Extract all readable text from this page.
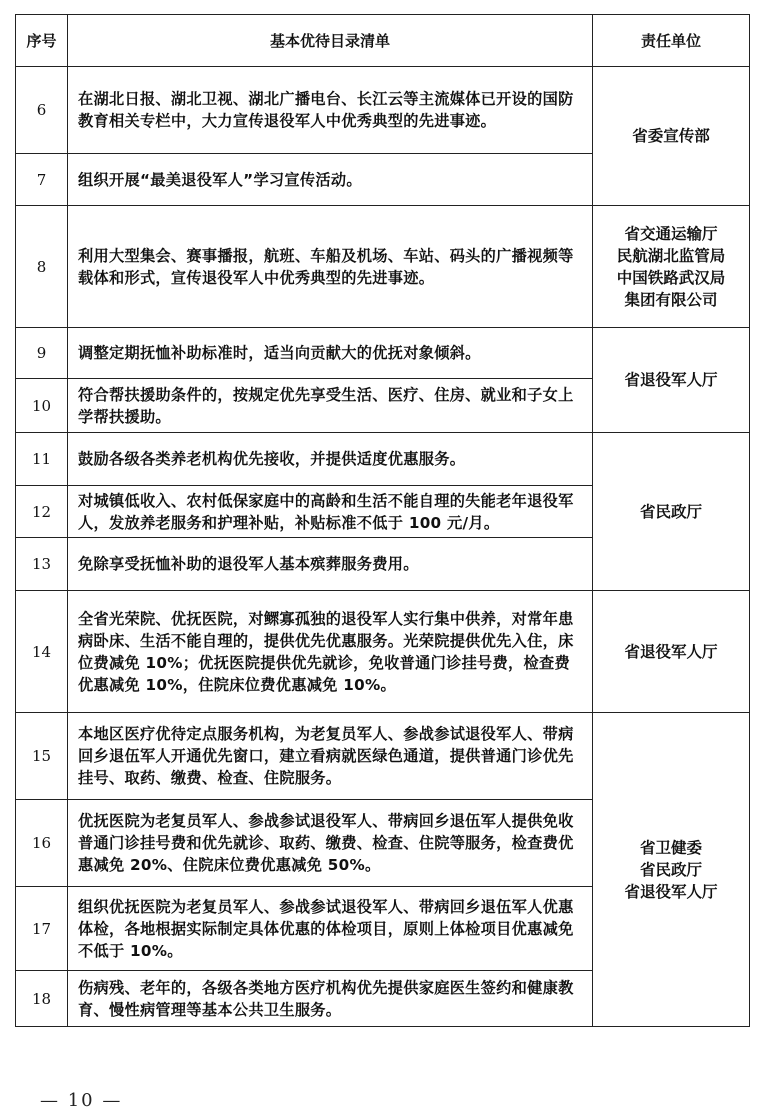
序号	基本优待目录清单	责任单位
6	在湖北日报、湖北卫视、湖北广播电台、长江云等主流媒体已开设的国防教育相关专栏中，大力宣传退役军人中优秀典型的先进事迹。	省委宣传部

7	组织开展“最美退役军人”学习宣传活动。	
8	利用大型集会、赛事播报，航班、车船及机场、车站、码头的广播视频等载体和形式，宣传退役军人中优秀典型的先进事迹。	省交通运输厅
民航湖北监管局
中国铁路武汉局
集团有限公司

9	调整定期抚恤补助标准时，适当向贡献大的优抚对象倾斜。	省退役军人厅

10	符合帮扶援助条件的，按规定优先享受生活、医疗、住房、就业和子女上学帮扶援助。	
11	鼓励各级各类养老机构优先接收，并提供适度优惠服务。	省民政厅

12	对城镇低收入、农村低保家庭中的高龄和生活不能自理的失能老年退役军人，发放养老服务和护理补贴，补贴标准不低于 100 元/月。	
13	免除享受抚恤补助的退役军人基本殡葬服务费用。	
14	全省光荣院、优抚医院，对鳏寡孤独的退役军人实行集中供养，对常年患病卧床、生活不能自理的，提供优先优惠服务。光荣院提供优先入住，床位费减免 10%；优抚医院提供优先就诊，免收普通门诊挂号费，检查费优惠减免 10%，住院床位费优惠减免 10%。	省退役军人厅

15	本地区医疗优待定点服务机构，为老复员军人、参战参试退役军人、带病回乡退伍军人开通优先窗口，建立看病就医绿色通道，提供普通门诊优先挂号、取药、缴费、检查、住院服务。	省卫健委
省民政厅
省退役军人厅

16	优抚医院为老复员军人、参战参试退役军人、带病回乡退伍军人提供免收普通门诊挂号费和优先就诊、取药、缴费、检查、住院等服务，检查费优惠减免 20%、住院床位费优惠减免 50%。	
17	组织优抚医院为老复员军人、参战参试退役军人、带病回乡退伍军人优惠体检，各地根据实际制定具体优惠的体检项目，原则上体检项目优惠减免不低于 10%。	
18	伤病残、老年的，各级各类地方医疗机构优先提供家庭医生签约和健康教育、慢性病管理等基本公共卫生服务。	
— 10 —
